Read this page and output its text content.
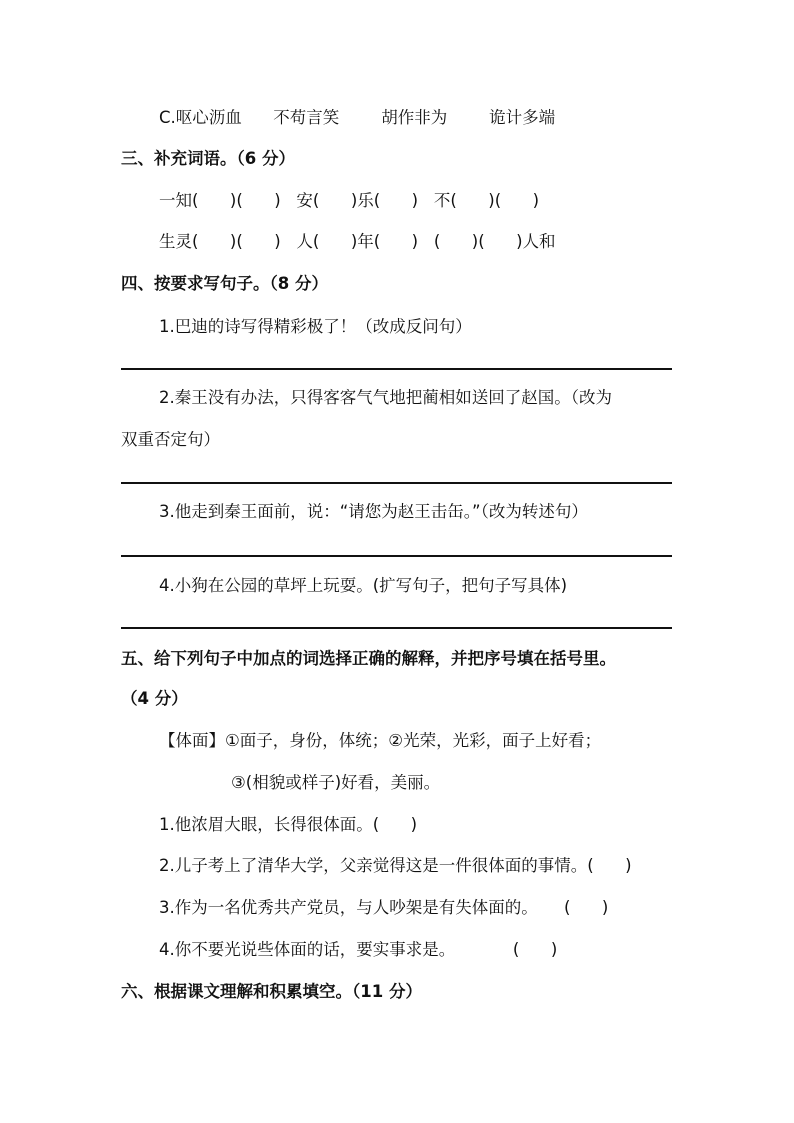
C.呕心沥血      不苟言笑        胡作非为        诡计多端
三、补充词语。（6 分）
一知(      )(      )   安(      )乐(      )   不(      )(      )
生灵(      )(      )   人(      )年(      )   (      )(      )人和
四、按要求写句子。（8 分）
1.巴迪的诗写得精彩极了！（改成反问句）
2.秦王没有办法，只得客客气气地把蔺相如送回了赵国。（改为
双重否定句）
3.他走到秦王面前，说：“请您为赵王击缶。”（改为转述句）
4.小狗在公园的草坪上玩耍。(扩写句子，把句子写具体)
五、给下列句子中加点的词选择正确的解释，并把序号填在括号里。
（4 分）
【体面】①面子，身份，体统；②光荣，光彩，面子上好看；
③(相貌或样子)好看，美丽。
1.他浓眉大眼，长得很体面。(      )
2.儿子考上了清华大学，父亲觉得这是一件很体面的事情。(      )
3.作为一名优秀共产党员，与人吵架是有失体面的。     (      )
4.你不要光说些体面的话，要实事求是。           (      )
六、根据课文理解和积累填空。（11 分）
